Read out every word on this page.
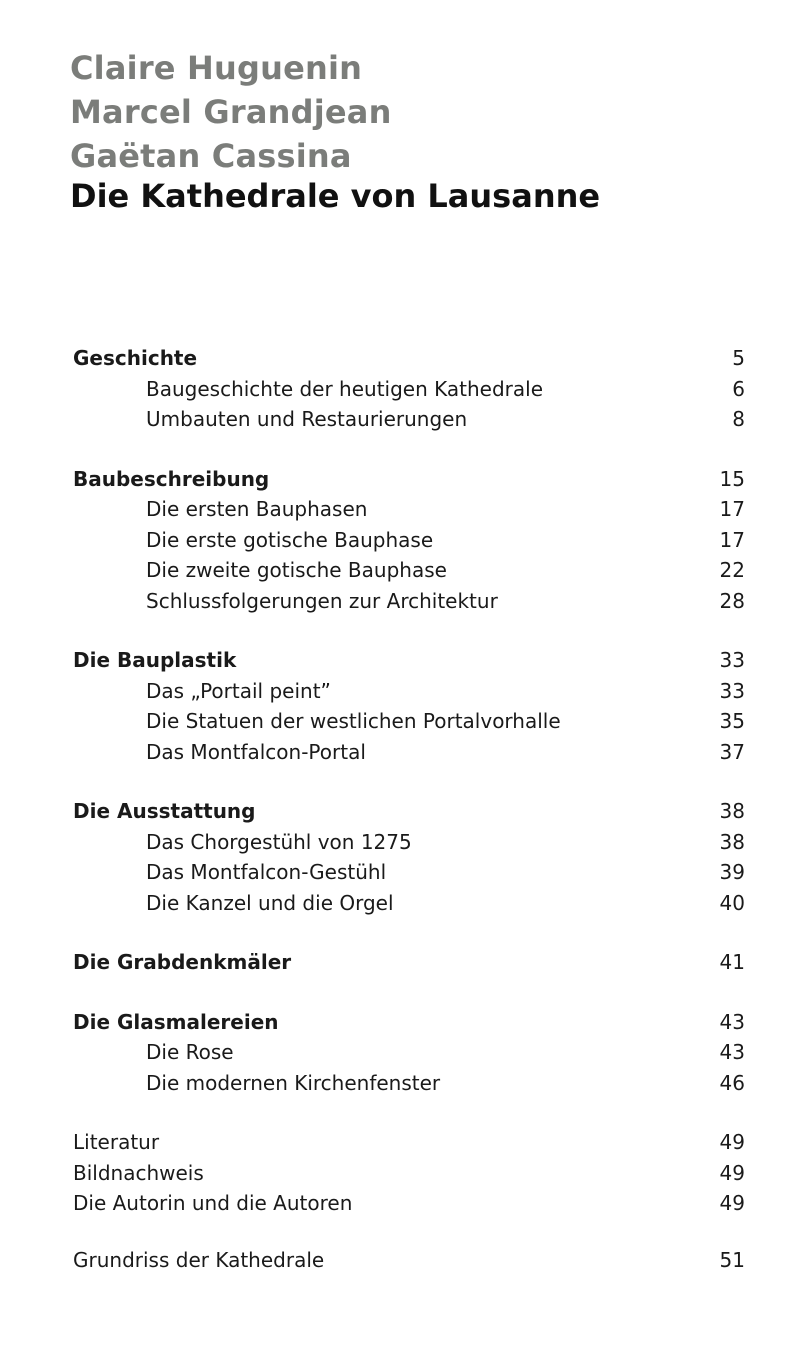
Claire Huguenin
Marcel Grandjean
Gaëtan Cassina
Die Kathedrale von Lausanne
Geschichte	5
Baugeschichte der heutigen Kathedrale	6
Umbauten und Restaurierungen	8
Baubeschreibung	15
Die ersten Bauphasen	17
Die erste gotische Bauphase	17
Die zweite gotische Bauphase	22
Schlussfolgerungen zur Architektur	28
Die Bauplastik	33
Das „Portail peint”	33
Die Statuen der westlichen Portalvorhalle	35
Das Montfalcon-Portal	37
Die Ausstattung	38
Das Chorgestühl von 1275	38
Das Montfalcon-Gestühl	39
Die Kanzel und die Orgel	40
Die Grabdenkmäler	41
Die Glasmalereien	43
Die Rose	43
Die modernen Kirchenfenster	46
Literatur	49
Bildnachweis	49
Die Autorin und die Autoren	49
Grundriss der Kathedrale	51
